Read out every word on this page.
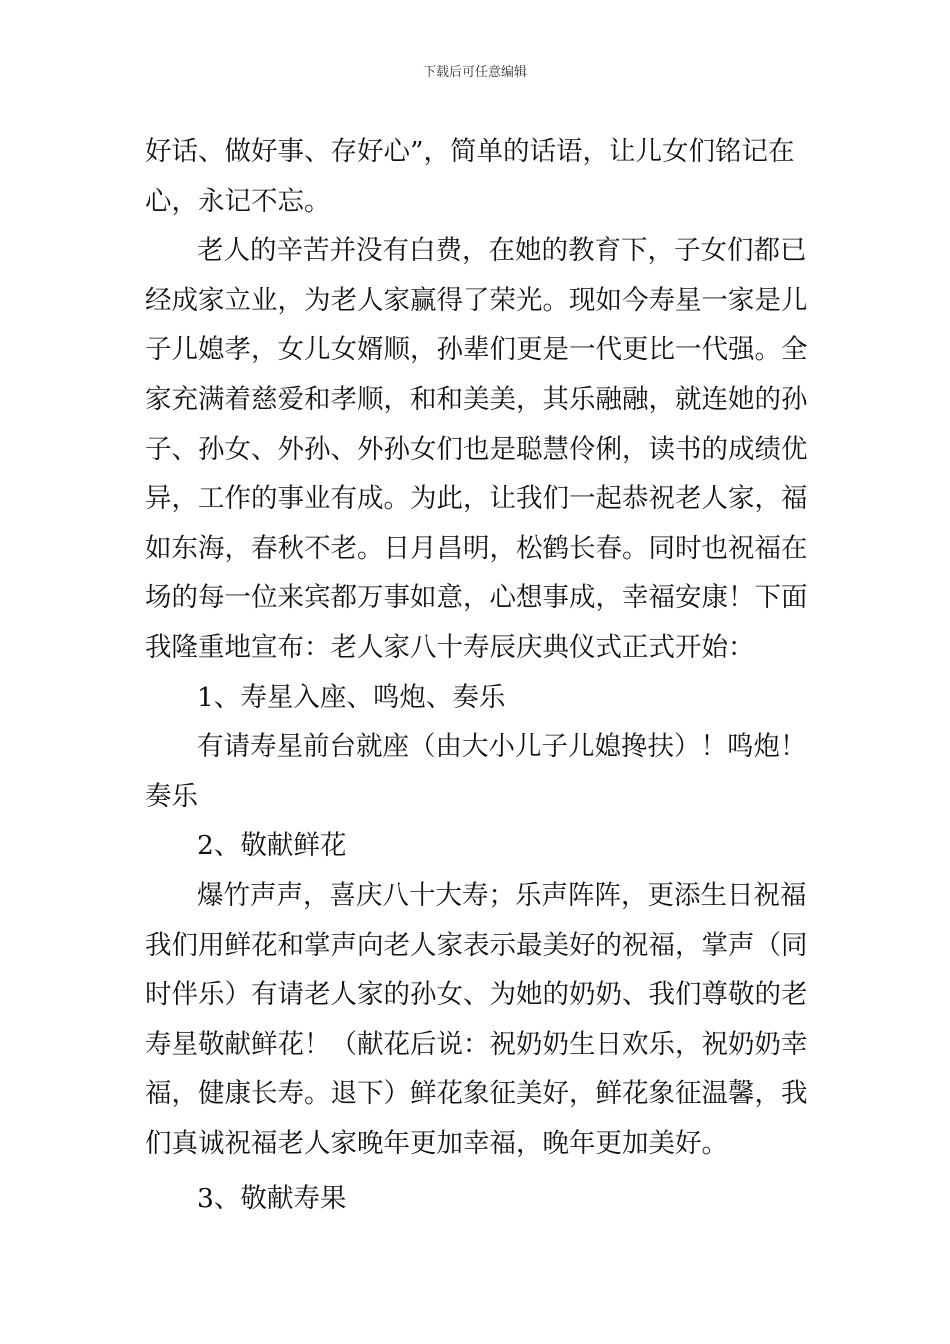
下载后可任意编辑
好话、做好事、存好心”，简单的话语，让儿女们铭记在
心，永记不忘。
老人的辛苦并没有白费，在她的教育下，子女们都已
经成家立业，为老人家赢得了荣光。现如今寿星一家是儿
子儿媳孝，女儿女婿顺，孙辈们更是一代更比一代强。全
家充满着慈爱和孝顺，和和美美，其乐融融，就连她的孙
子、孙女、外孙、外孙女们也是聪慧伶俐，读书的成绩优
异，工作的事业有成。为此，让我们一起恭祝老人家，福
如东海，春秋不老。日月昌明，松鹤长春。同时也祝福在
场的每一位来宾都万事如意，心想事成，幸福安康！下面
我隆重地宣布：老人家八十寿辰庆典仪式正式开始：
1、寿星入座、鸣炮、奏乐
有请寿星前台就座（由大小儿子儿媳搀扶）！鸣炮！
奏乐
2、敬献鲜花
爆竹声声，喜庆八十大寿；乐声阵阵，更添生日祝福
我们用鲜花和掌声向老人家表示最美好的祝福，掌声（同
时伴乐）有请老人家的孙女、为她的奶奶、我们尊敬的老
寿星敬献鲜花！（献花后说：祝奶奶生日欢乐，祝奶奶幸
福，健康长寿。退下）鲜花象征美好，鲜花象征温馨，我
们真诚祝福老人家晚年更加幸福，晚年更加美好。
3、敬献寿果
